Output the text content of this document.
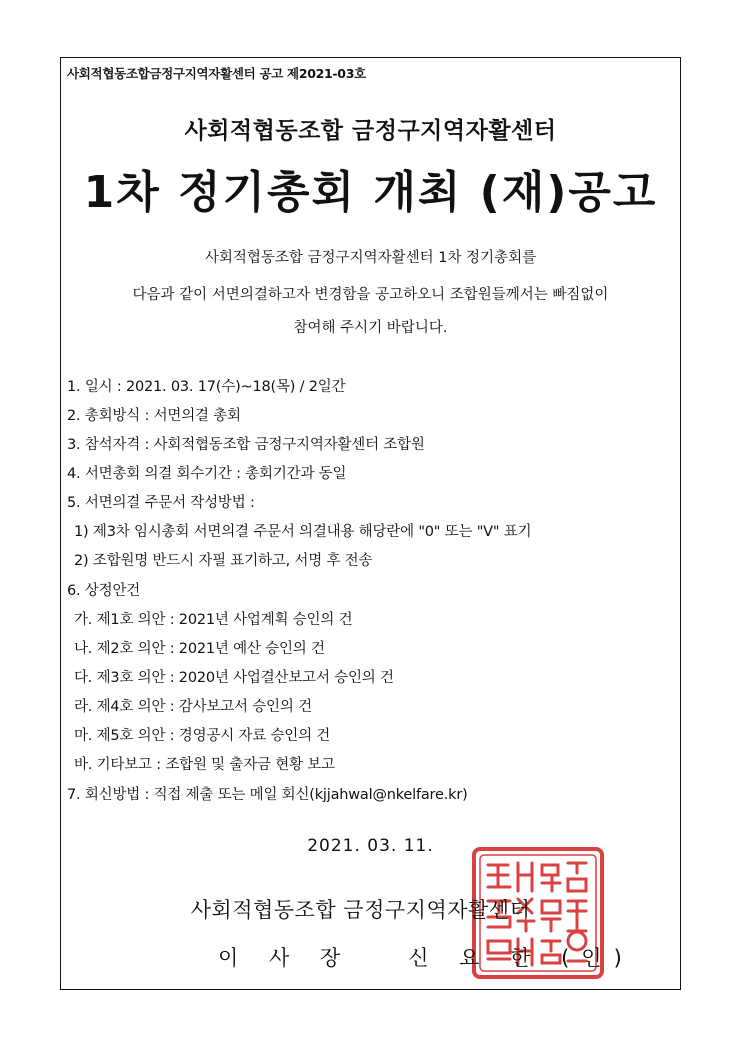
사회적협동조합금정구지역자활센터 공고 제2021-03호
사회적협동조합 금정구지역자활센터
1차 정기총회 개최 (재)공고
사회적협동조합 금정구지역자활센터 1차 정기총회를
다음과 같이 서면의결하고자 변경함을 공고하오니 조합원들께서는 빠짐없이
참여해 주시기 바랍니다.
1. 일시 : 2021. 03. 17(수)~18(목) / 2일간
2. 총회방식 : 서면의결 총회
3. 참석자격 : 사회적협동조합 금정구지역자활센터 조합원
4. 서면총회 의결 회수기간 : 총회기간과 동일
5. 서면의결 주문서 작성방법 :
1) 제3차 임시총회 서면의결 주문서 의결내용 해당란에 "0" 또는 "V" 표기
2) 조합원명 반드시 자필 표기하고, 서명 후 전송
6. 상정안건
가. 제1호 의안 : 2021년 사업계획 승인의 건
나. 제2호 의안 : 2021년 예산 승인의 건
다. 제3호 의안 : 2020년 사업결산보고서 승인의 건
라. 제4호 의안 : 감사보고서 승인의 건
마. 제5호 의안 : 경영공시 자료 승인의 건
바. 기타보고 : 조합원 및 출자금 현황 보고
7. 회신방법 : 직접 제출 또는 메일 회신(kjjahwal@nkelfare.kr)
2021. 03. 11.
사회적협동조합 금정구지역자활센터
이 사 장   신 요 한 (인)
